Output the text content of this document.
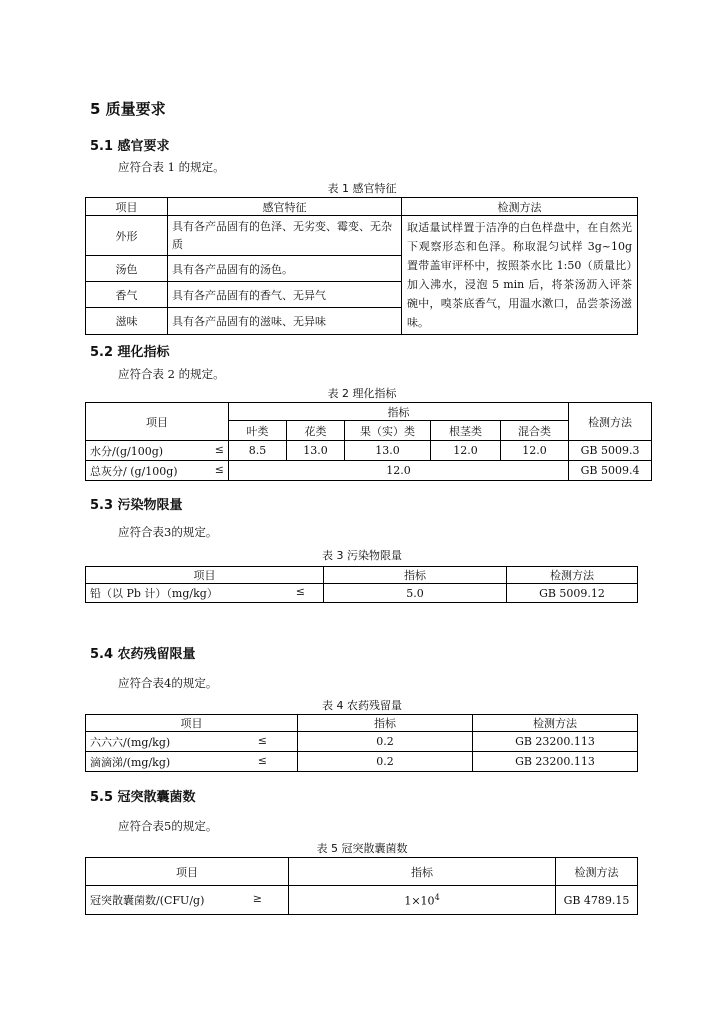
5 质量要求
5.1 感官要求
应符合表 1 的规定。
表 1 感官特征
项目	感官特征	检测方法
外形	具有各产品固有的色泽、无劣变、霉变、无杂质	取适量试样置于洁净的白色样盘中，在自然光下观察形态和色泽。称取混匀试样 3g~10g 置带盖审评杯中，按照茶水比 1:50（质量比）加入沸水，浸泡 5 min 后，将茶汤沥入评茶碗中，嗅茶底香气，用温水漱口，品尝茶汤滋味。
汤色	具有各产品固有的汤色。	
香气	具有各产品固有的香气、无异气	
滋味	具有各产品固有的滋味、无异味	
5.2 理化指标
应符合表 2 的规定。
表 2 理化指标
项目	指标					检测方法
	叶类	花类	果（实）类	根茎类	混合类	
水分/(g/100g) ≤	8.5	13.0	13.0	12.0	12.0	GB 5009.3
总灰分/ (g/100g) ≤	12.0					GB 5009.4
5.3 污染物限量
应符合表3的规定。
表 3 污染物限量
项目	指标	检测方法
铅（以 Pb 计）（mg/kg） ≤	5.0	GB 5009.12
5.4 农药残留限量
应符合表4的规定。
表 4 农药残留量
项目	指标	检测方法
六六六/(mg/kg) ≤	0.2	GB 23200.113
滴滴涕/(mg/kg) ≤	0.2	GB 23200.113
5.5 冠突散囊菌数
应符合表5的规定。
表 5 冠突散囊菌数
项目	指标	检测方法
冠突散囊菌数/(CFU/g) ≥	$1\times 10^4$	GB 4789.15
